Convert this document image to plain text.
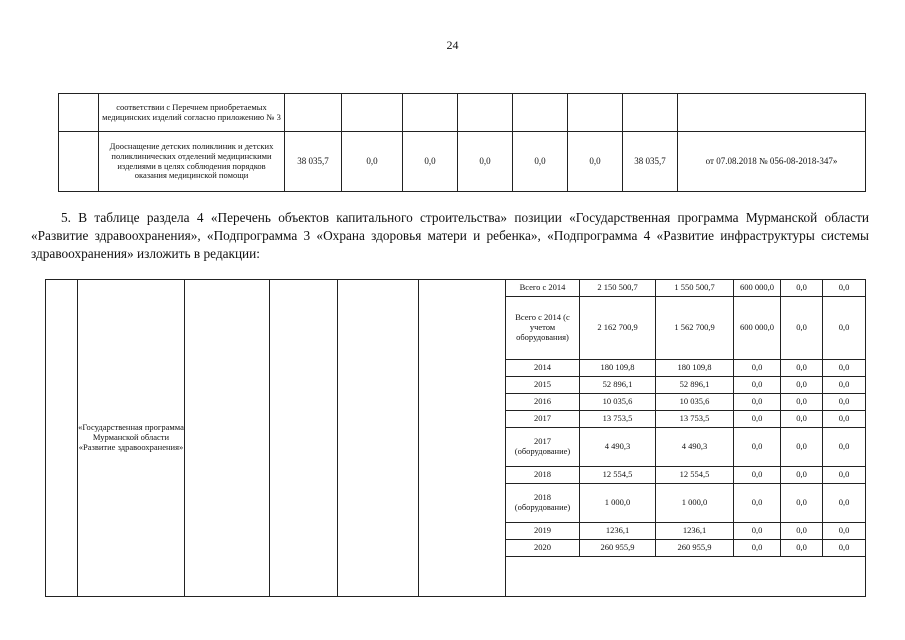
24
	соответствии с Перечнем приобретаемых медицинских изделий согласно приложению № 3								
	Дооснащение детских поликлиник и детских поликлинических отделений медицинскими изделиями в целях соблюдения порядков оказания медицинской помощи	38 035,7	0,0	0,0	0,0	0,0	0,0	38 035,7	от 07.08.2018 № 056-08-2018-347»
5. В таблице раздела 4 «Перечень объектов капитального строительства» позиции «Государственная программа Мурманской области «Развитие здравоохранения», «Подпрограмма 3 «Охрана здоровья матери и ребенка», «Подпрограмма 4 «Развитие инфраструктуры системы здравоохранения» изложить в редакции:
	«Государственная программа Мурманской области «Развитие здравоохранения»					
Всего с 2014	2 150 500,7	1 550 500,7	600 000,0	0,0	0,0
Всего с 2014 (с учетом оборудования)	2 162 700,9	1 562 700,9	600 000,0	0,0	0,0
2014	180 109,8	180 109,8	0,0	0,0	0,0
2015	52 896,1	52 896,1	0,0	0,0	0,0
2016	10 035,6	10 035,6	0,0	0,0	0,0
2017	13 753,5	13 753,5	0,0	0,0	0,0
2017 (оборудование)	4 490,3	4 490,3	0,0	0,0	0,0
2018	12 554,5	12 554,5	0,0	0,0	0,0
2018 (оборудование)	1 000,0	1 000,0	0,0	0,0	0,0
2019	1236,1	1236,1	0,0	0,0	0,0
2020	260 955,9	260 955,9	0,0	0,0	0,0
